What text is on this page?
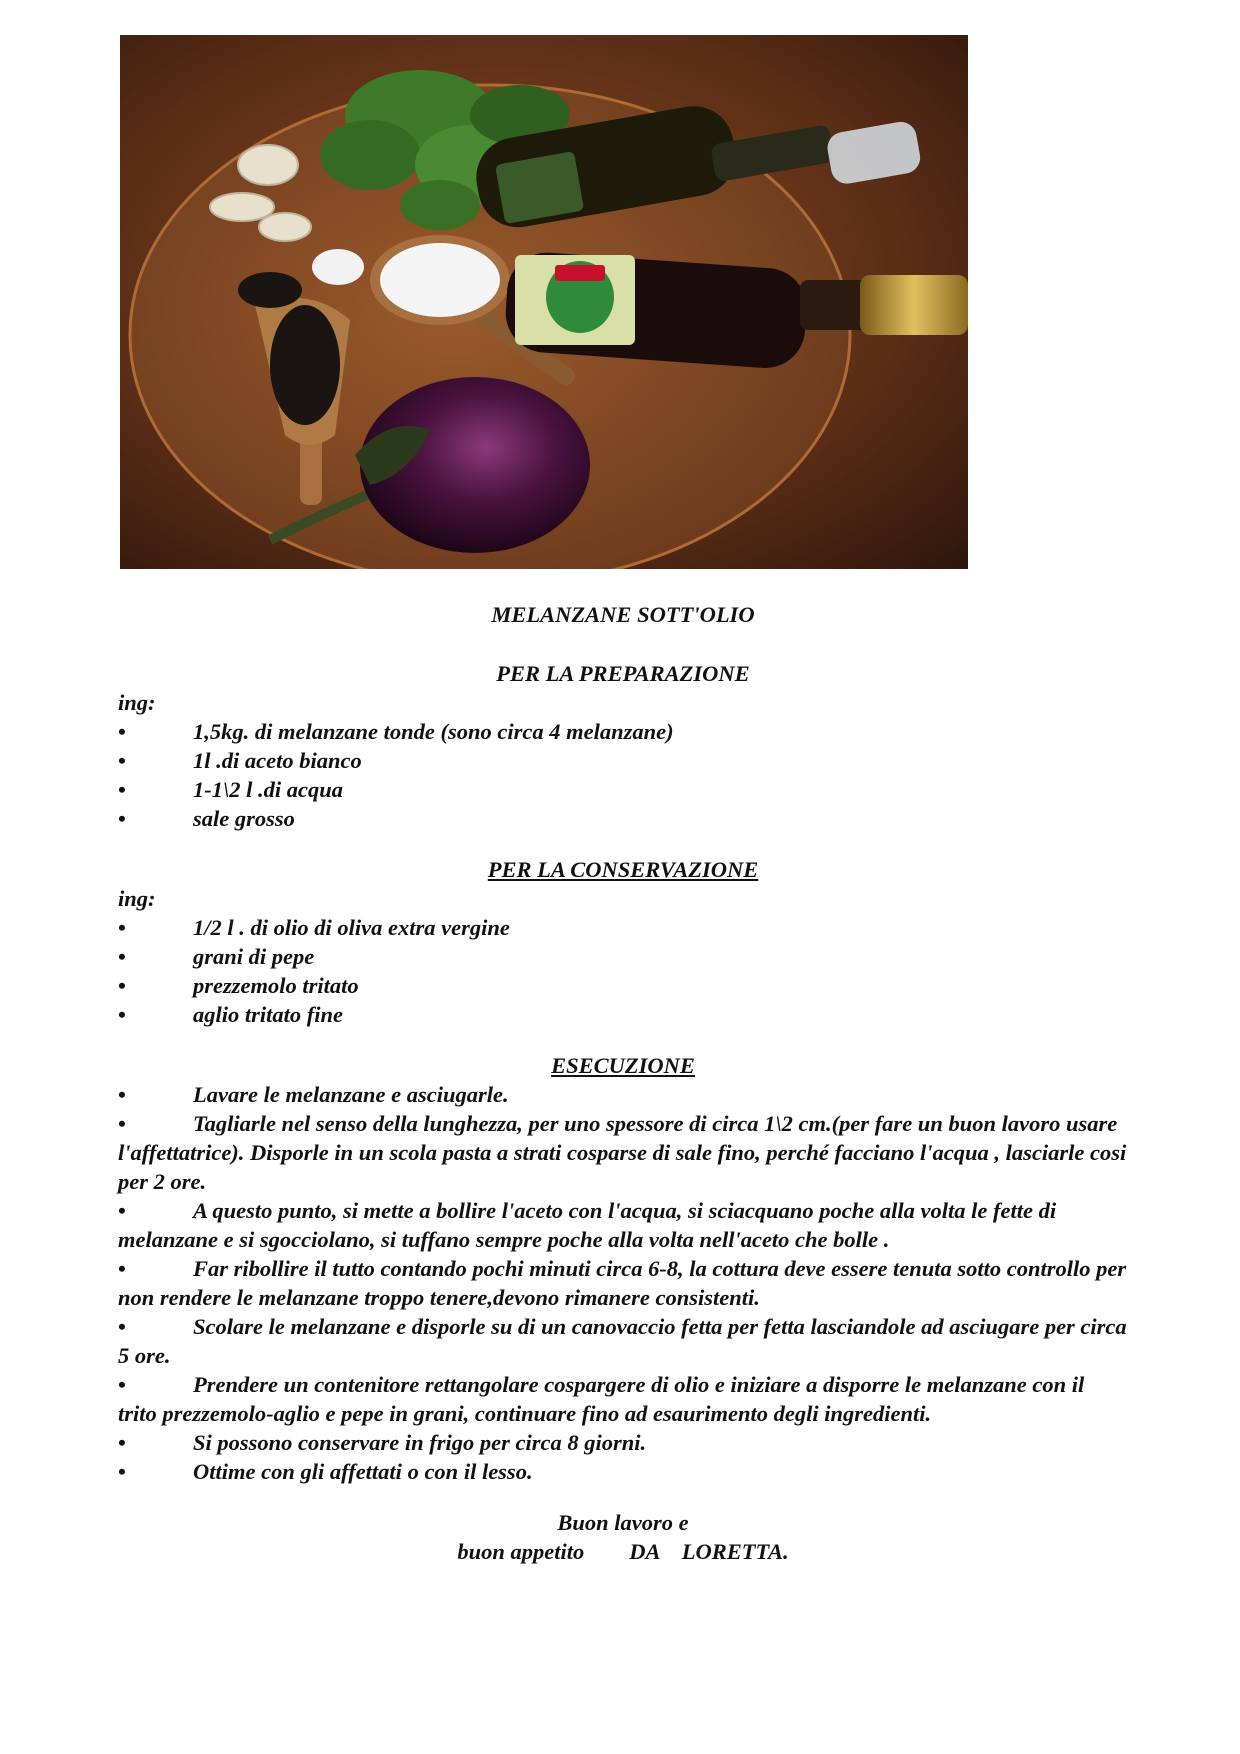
MELANZANE SOTT'OLIO

PER LA PREPARAZIONE

ing:

•	1,5kg. di melanzane tonde (sono circa 4 melanzane)
•	1l .di aceto bianco
•	1-1\2 l .di acqua
•	sale grosso

PER LA CONSERVAZIONE

ing:

•	1/2 l . di olio di oliva extra vergine
•	grani di pepe
•	prezzemolo tritato
•	aglio tritato fine

ESECUZIONE

•	Lavare le melanzane e asciugarle.

•	Tagliarle nel senso della lunghezza, per uno spessore di circa 1\2 cm.(per fare un buon lavoro usare l'affettatrice). Disporle in un scola pasta a strati cosparse di sale fino, perché facciano l'acqua , lasciarle cosi per 2 ore.

•	A questo punto, si mette a bollire l'aceto con l'acqua, si sciacquano poche alla volta le fette di melanzane e si sgocciolano, si tuffano sempre poche alla volta nell'aceto che bolle .

•	Far ribollire il tutto contando pochi minuti circa 6-8, la cottura deve essere tenuta sotto controllo per non rendere le melanzane troppo tenere,devono rimanere consistenti.

•	Scolare le melanzane e disporle su di un canovaccio fetta per fetta lasciandole ad asciugare per circa 5 ore.

•	Prendere un contenitore rettangolare cospargere di olio e iniziare a disporre le melanzane con il trito prezzemolo-aglio e pepe in grani, continuare fino ad esaurimento degli ingredienti.

•	Si possono conservare in frigo per circa 8 giorni.

•	Ottime con gli affettati o con il lesso.

Buon lavoro e

buon appetito        DA    LORETTA.
